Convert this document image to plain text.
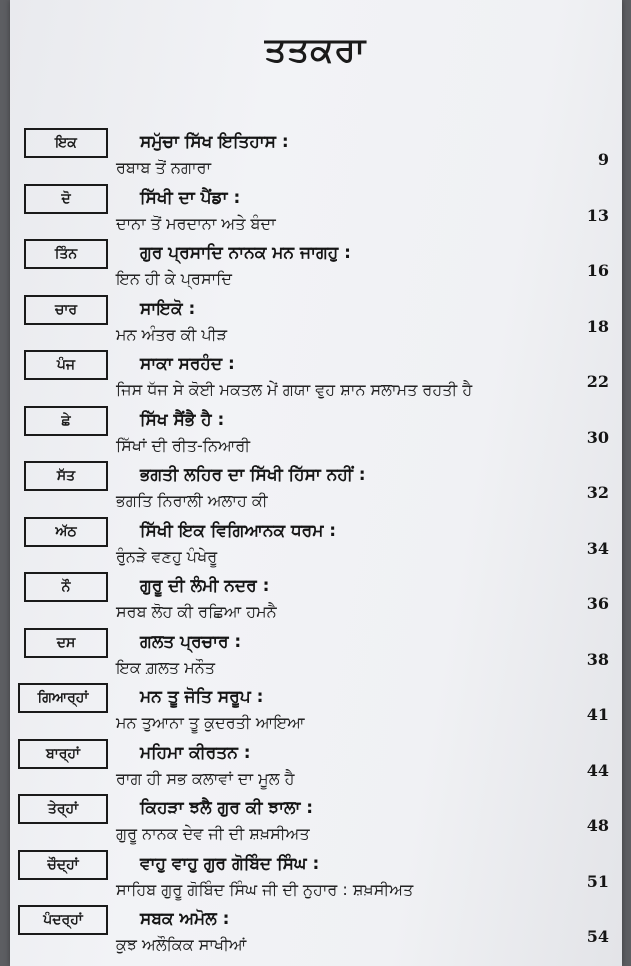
ਤਤਕਰਾ
ਇਕ	ਸਮੁੱਚਾ ਸਿੱਖ ਇਤਿਹਾਸ :
ਰਬਾਬ ਤੋਂ ਨਗਾਰਾ	9
ਦੋ	ਸਿੱਖੀ ਦਾ ਪੈਂਡਾ :
ਦਾਨਾ ਤੋਂ ਮਰਦਾਨਾ ਅਤੇ ਬੰਦਾ	13
ਤਿੰਨ	ਗੁਰ ਪ੍ਰਸਾਦਿ ਨਾਨਕ ਮਨ ਜਾਗਹੁ :
ਇਨ ਹੀ ਕੇ ਪ੍ਰਸਾਦਿ	16
ਚਾਰ	ਸਾਇਕੋ :
ਮਨ ਅੰਤਰ ਕੀ ਪੀੜ	18
ਪੰਜ	ਸਾਕਾ ਸਰਹੰਦ :
ਜਿਸ ਧੱਜ ਸੇ ਕੋਈ ਮਕਤਲ ਮੇਂ ਗਯਾ ਵੁਹ ਸ਼ਾਨ ਸਲਾਮਤ ਰਹਤੀ ਹੈ	22
ਛੇ	ਸਿੱਖ ਸੈਂਭੈ ਹੈ :
ਸਿੱਖਾਂ ਦੀ ਰੀਤ-ਨਿਆਰੀ	30
ਸੱਤ	ਭਗਤੀ ਲਹਿਰ ਦਾ ਸਿੱਖੀ ਹਿੱਸਾ ਨਹੀਂ :
ਭਗਤਿ ਨਿਰਾਲੀ ਅਲਾਹ ਕੀ	32
ਅੱਠ	ਸਿੱਖੀ ਇਕ ਵਿਗਿਆਨਕ ਧਰਮ :
ਰੁੰਨੜੇ ਵਣਹੁ ਪੰਖੇਰੂ	34
ਨੌ	ਗੁਰੂ ਦੀ ਲੰਮੀ ਨਦਰ :
ਸਰਬ ਲੋਹ ਕੀ ਰਛਿਆ ਹਮਨੈ	36
ਦਸ	ਗਲਤ ਪ੍ਰਚਾਰ :
ਇਕ ਗ਼ਲਤ ਮਨੌਤ	38
ਗਿਆਰ੍ਹਾਂ	ਮਨ ਤੂ ਜੋਤਿ ਸਰੂਪ :
ਮਨ ਤੁਆਨਾ ਤੂ ਕੁਦਰਤੀ ਆਇਆ	41
ਬਾਰ੍ਹਾਂ	ਮਹਿਮਾ ਕੀਰਤਨ :
ਰਾਗ ਹੀ ਸਭ ਕਲਾਵਾਂ ਦਾ ਮੂਲ ਹੈ	44
ਤੇਰ੍ਹਾਂ	ਕਿਹੜਾ ਝਲੈ ਗੁਰ ਕੀ ਝਾਲਾ :
ਗੁਰੂ ਨਾਨਕ ਦੇਵ ਜੀ ਦੀ ਸ਼ਖ਼ਸੀਅਤ	48
ਚੌਦ੍ਹਾਂ	ਵਾਹੁ ਵਾਹੁ ਗੁਰ ਗੋਬਿੰਦ ਸਿੰਘ :
ਸਾਹਿਬ ਗੁਰੂ ਗੋਬਿੰਦ ਸਿੰਘ ਜੀ ਦੀ ਨੁਹਾਰ : ਸ਼ਖ਼ਸੀਅਤ	51
ਪੰਦਰ੍ਹਾਂ	ਸਬਕ ਅਮੋਲ :
ਕੁਝ ਅਲੌਕਿਕ ਸਾਖੀਆਂ	54
